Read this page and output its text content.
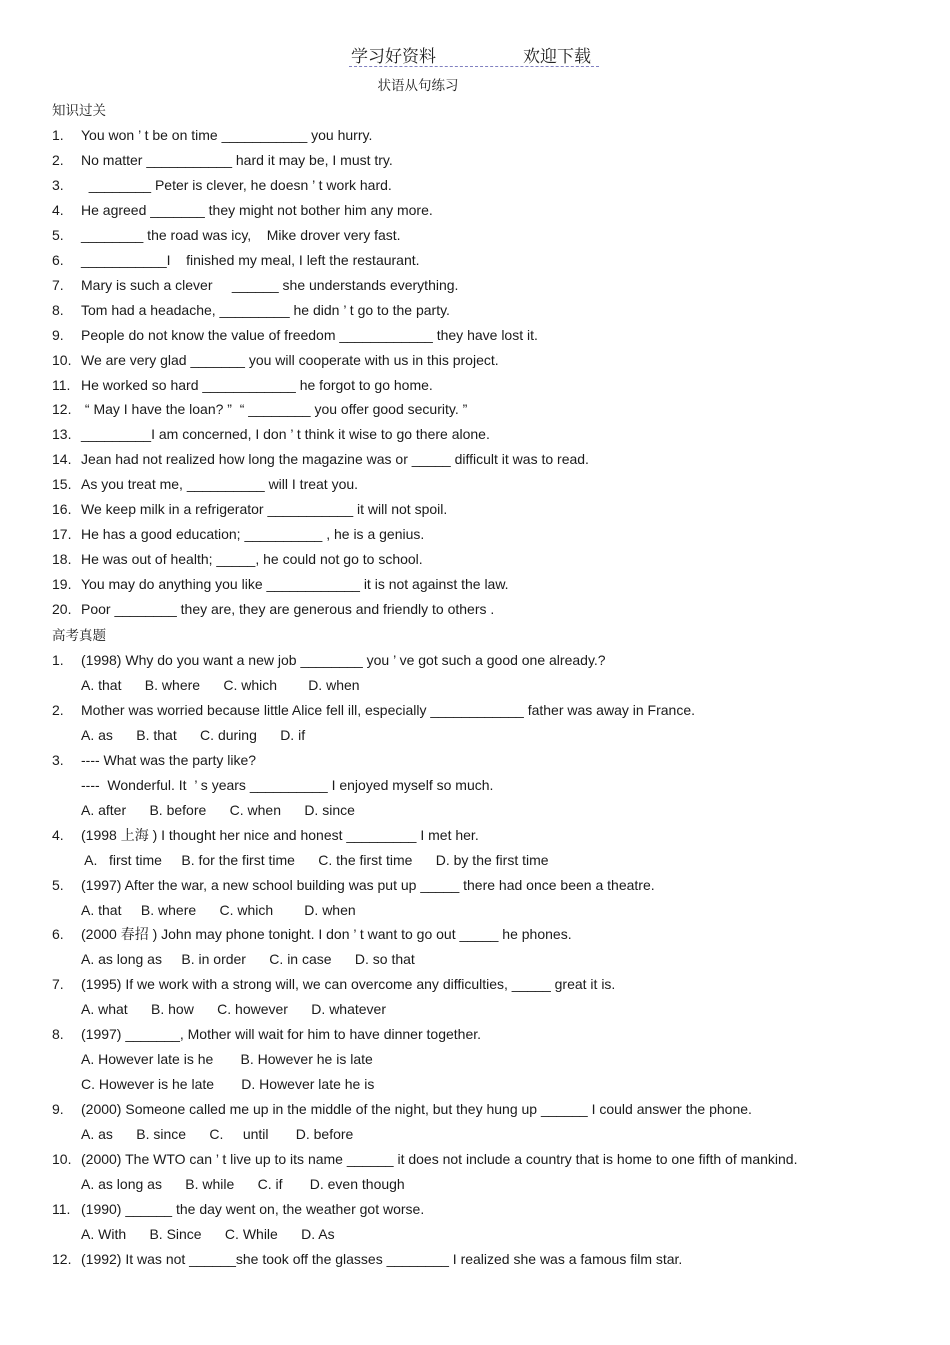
学习好资料	欢迎下载
状语从句练习
知识过关
1. You won ’ t be on time ___________ you hurry.
2. No matter ___________ hard it may be, I must try.
3. ________ Peter is clever, he doesn ’ t work hard.
4. He agreed _______ they might not bother him any more.
5. ________ the road was icy,    Mike drover very fast.
6. ___________I    finished my meal, I left the restaurant.
7. Mary is such a clever     ______ she understands everything.
8. Tom had a headache, _________ he didn ’ t go to the party.
9. People do not know the value of freedom ____________ they have lost it.
10. We are very glad _______ you will cooperate with us in this project.
11. He worked so hard ____________ he forgot to go home.
12. “ May I have the loan? ”  “ ________ you offer good security. ”
13. _________I am concerned, I don ’ t think it wise to go there alone.
14. Jean had not realized how long the magazine was or _____ difficult it was to read.
15. As you treat me, __________ will I treat you.
16. We keep milk in a refrigerator ___________ it will not spoil.
17. He has a good education; __________ , he is a genius.
18. He was out of health; _____, he could not go to school.
19. You may do anything you like ____________ it is not against the law.
20. Poor ________ they are, they are generous and friendly to others .
高考真题
1. (1998) Why do you want a new job ________ you ’ ve got such a good one already.?
A. that      B. where      C. which        D. when
2. Mother was worried because little Alice fell ill, especially ____________ father was away in France.
A. as      B. that      C. during      D. if
3. ---- What was the party like?
----  Wonderful. It  ’ s years __________ I enjoyed myself so much.
A. after      B. before      C. when      D. since
4. (1998 上海 ) I thought her nice and honest _________ I met her.
A.   first time     B. for the first time      C. the first time      D. by the first time
5. (1997) After the war, a new school building was put up _____ there had once been a theatre.
A. that     B. where      C. which        D. when
6. (2000 春招 ) John may phone tonight. I don ’ t want to go out _____ he phones.
A. as long as     B. in order      C. in case      D. so that
7. (1995) If we work with a strong will, we can overcome any difficulties, _____ great it is.
A. what      B. how      C. however      D. whatever
8. (1997) _______, Mother will wait for him to have dinner together.
A. However late is he       B. However he is late
C. However is he late       D. However late he is
9. (2000) Someone called me up in the middle of the night, but they hung up ______ I could answer the phone.
A. as      B. since      C.     until       D. before
10. (2000) The WTO can ’ t live up to its name ______ it does not include a country that is home to one fifth of mankind.
A. as long as      B. while      C. if       D. even though
11. (1990) ______ the day went on, the weather got worse.
A. With      B. Since      C. While      D. As
12. (1992) It was not ______she took off the glasses ________ I realized she was a famous film star.
